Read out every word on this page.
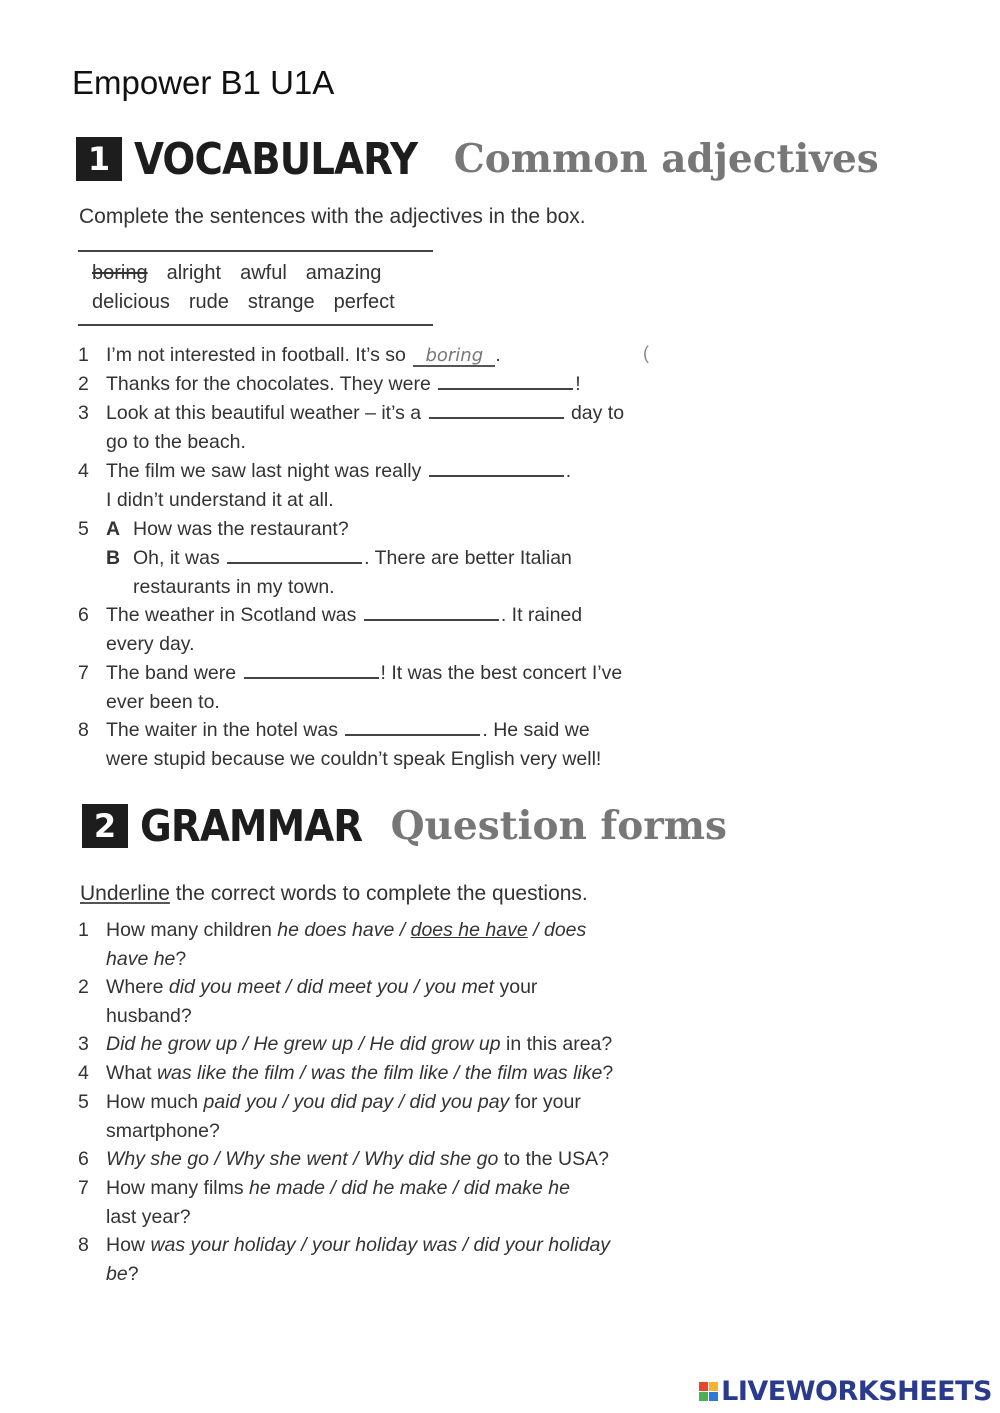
Empower B1 U1A
1 VOCABULARY Common adjectives
Complete the sentences with the adjectives in the box.
boring alright awful amazing
delicious rude strange perfect
(
1 I’m not interested in football. It’s so boring .
2 Thanks for the chocolates. They were	!
3 Look at this beautiful weather – it’s a	day to
go to the beach.
4 The film we saw last night was really	.
I didn’t understand it at all.
5 A How was the restaurant?
B Oh, it was	. There are better Italian
restaurants in my town.
6 The weather in Scotland was	. It rained
every day.
7 The band were	! It was the best concert I’ve
ever been to.
8 The waiter in the hotel was	. He said we
were stupid because we couldn’t speak English very well!
2 GRAMMAR Question forms
Underline the correct words to complete the questions.
1 How many children he does have / does he have / does
have he?
2 Where did you meet / did meet you / you met your
husband?
3 Did he grow up / He grew up / He did grow up in this area?
4 What was like the film / was the film like / the film was like?
5 How much paid you / you did pay / did you pay for your
smartphone?
6 Why she go / Why she went / Why did she go to the USA?
7 How many films he made / did he make / did make he
last year?
8 How was your holiday / your holiday was / did your holiday
be?
LIVEWORKSHEETS
